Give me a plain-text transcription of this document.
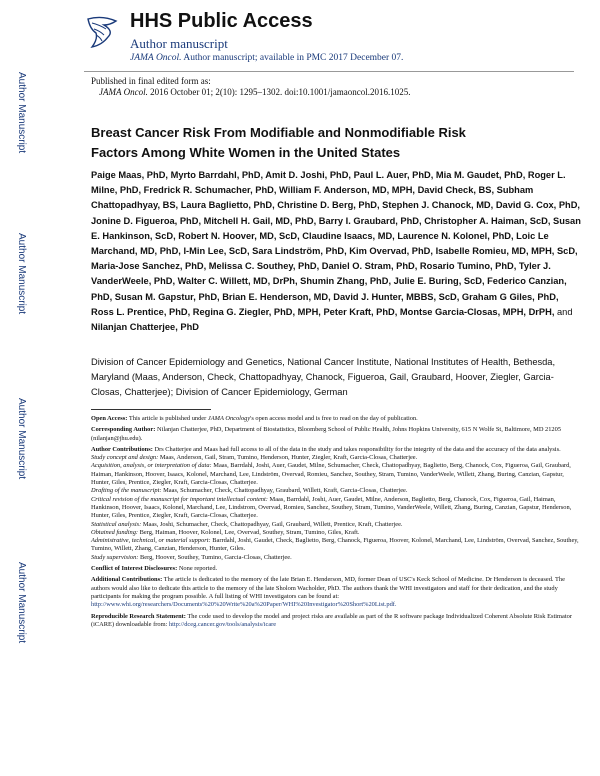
HHS Public Access
Author manuscript
JAMA Oncol. Author manuscript; available in PMC 2017 December 07.
Author Manuscript
Author Manuscript
Author Manuscript
Author Manuscript
Published in final edited form as:
JAMA Oncol. 2016 October 01; 2(10): 1295–1302. doi:10.1001/jamaoncol.2016.1025.
Breast Cancer Risk From Modifiable and Nonmodifiable Risk Factors Among White Women in the United States
Paige Maas, PhD, Myrto Barrdahl, PhD, Amit D. Joshi, PhD, Paul L. Auer, PhD, Mia M. Gaudet, PhD, Roger L. Milne, PhD, Fredrick R. Schumacher, PhD, William F. Anderson, MD, MPH, David Check, BS, Subham Chattopadhyay, BS, Laura Baglietto, PhD, Christine D. Berg, PhD, Stephen J. Chanock, MD, David G. Cox, PhD, Jonine D. Figueroa, PhD, Mitchell H. Gail, MD, PhD, Barry I. Graubard, PhD, Christopher A. Haiman, ScD, Susan E. Hankinson, ScD, Robert N. Hoover, MD, ScD, Claudine Isaacs, MD, Laurence N. Kolonel, PhD, Loic Le Marchand, MD, PhD, I-Min Lee, ScD, Sara Lindström, PhD, Kim Overvad, PhD, Isabelle Romieu, MD, MPH, ScD, Maria-Jose Sanchez, PhD, Melissa C. Southey, PhD, Daniel O. Stram, PhD, Rosario Tumino, PhD, Tyler J. VanderWeele, PhD, Walter C. Willett, MD, DrPh, Shumin Zhang, PhD, Julie E. Buring, ScD, Federico Canzian, PhD, Susan M. Gapstur, PhD, Brian E. Henderson, MD, David J. Hunter, MBBS, ScD, Graham G Giles, PhD, Ross L. Prentice, PhD, Regina G. Ziegler, PhD, MPH, Peter Kraft, PhD, Montse Garcia-Closas, MPH, DrPH, and Nilanjan Chatterjee, PhD
Division of Cancer Epidemiology and Genetics, National Cancer Institute, National Institutes of Health, Bethesda, Maryland (Maas, Anderson, Check, Chattopadhyay, Chanock, Figueroa, Gail, Graubard, Hoover, Ziegler, Garcia-Closas, Chatterjee); Division of Cancer Epidemiology, German

Open Access: This article is published under JAMA Oncology's open access model and is free to read on the day of publication.

Corresponding Author: Nilanjan Chatterjee, PhD, Department of Biostatistics, Bloomberg School of Public Health, Johns Hopkins University, 615 N Wolfe St, Baltimore, MD 21205 (nilanjan@jhu.edu).

Author Contributions: Drs Chatterjee and Maas had full access to all of the data in the study and takes responsibility for the integrity of the data and the accuracy of the data analysis.

Study concept and design: Maas, Anderson, Gail, Stram, Tumino, Henderson, Hunter, Ziegler, Kraft, Garcia-Closas, Chatterjee.

Acquisition, analysis, or interpretation of data: Maas, Barrdahl, Joshi, Auer, Gaudet, Milne, Schumacher, Check, Chattopadhyay, Baglietto, Berg, Chanock, Cox, Figueroa, Gail, Graubard, Haiman, Hankinson, Hoover, Isaacs, Kolonel, Marchand, Lee, Lindström, Overvad, Romieu, Sanchez, Southey, Stram, Tumino, VanderWeele, Willett, Zhang, Buring, Canzian, Gapstur, Hunter, Giles, Prentice, Ziegler, Kraft, Garcia-Closas, Chatterjee.

Drafting of the manuscript: Maas, Schumacher, Check, Chattopadhyay, Graubard, Willett, Kraft, Garcia-Closas, Chatterjee.

Critical revision of the manuscript for important intellectual content: Maas, Barrdahl, Joshi, Auer, Gaudet, Milne, Anderson, Baglietto, Berg, Chanock, Cox, Figueroa, Gail, Haiman, Hankinson, Hoover, Isaacs, Kolonel, Marchand, Lee, Lindstrom, Overvad, Romieu, Sanchez, Southey, Stram, Tumino, VanderWeele, Willett, Zhang, Buring, Canzian, Gapstur, Henderson, Hunter, Giles, Prentice, Ziegler, Kraft, Garcia-Closas, Chatterjee.

Statistical analysis: Maas, Joshi, Schumacher, Check, Chattopadhyay, Gail, Graubard, Willett, Prentice, Kraft, Chatterjee.

Obtained funding: Berg, Haiman, Hoover, Kolonel, Lee, Overvad, Southey, Stram, Tumino, Giles, Kraft.

Administrative, technical, or material support: Barrdahl, Joshi, Gaudet, Check, Baglietto, Berg, Chanock, Figueroa, Hoover, Kolonel, Marchand, Lee, Lindström, Overvad, Sanchez, Southey, Tumino, Willett, Zhang, Canzian, Henderson, Hunter, Giles.

Study supervision: Berg, Hoover, Southey, Tumino, Garcia-Closas, Chatterjee.

Conflict of Interest Disclosures: None reported.

Additional Contributions: The article is dedicated to the memory of the late Brian E. Henderson, MD, former Dean of USC's Keck School of Medicine. Dr Henderson is deceased. The authors would also like to dedicate this article to the memory of the late Sholom Wacholder, PhD. The authors thank the WHI investigators and staff for their dedication, and the study participants for making the program possible. A full listing of WHI investigators can be found at: http://www.whi.org/researchers/Documents%20%20Write%20a%20Paper/WHI%20Investigator%20Short%20List.pdf.

Reproducible Research Statement: The code used to develop the model and project risks are available as part of the R software package Individualized Coherent Absolute Risk Estimator (iCARE) downloadable from: http://dceg.cancer.gov/tools/analysis/icare
